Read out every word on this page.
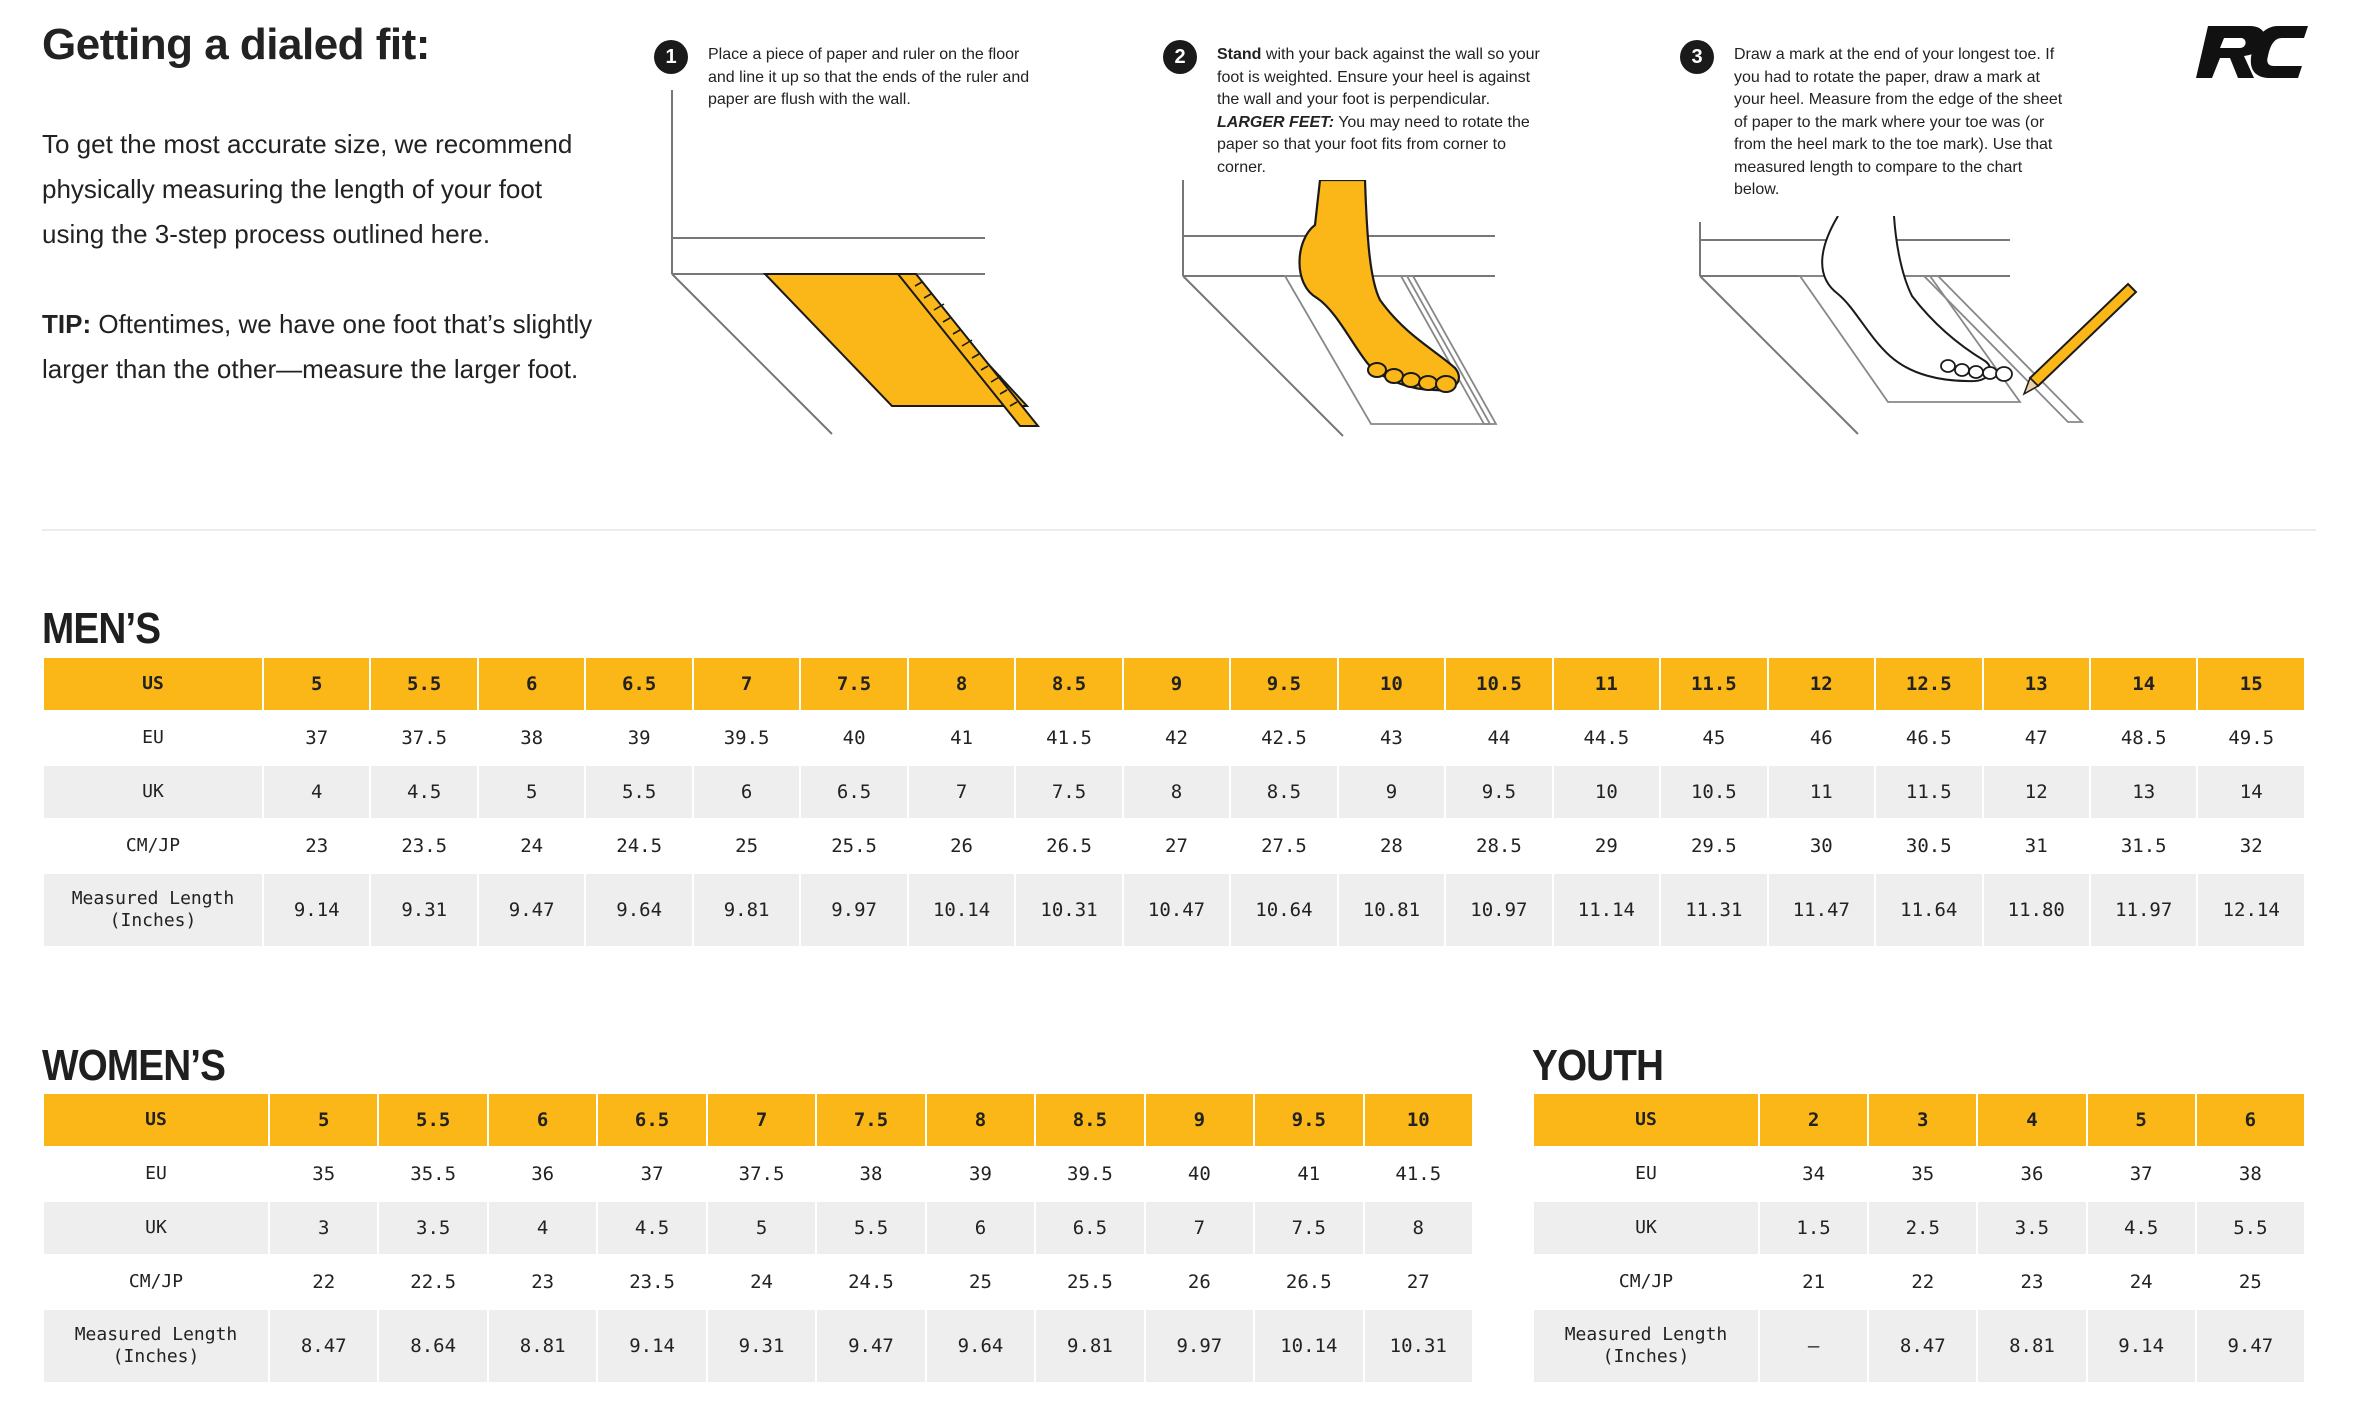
Getting a dialed fit:

To get the most accurate size, we recommend physically measuring the length of your foot using the 3-step process outlined here.

TIP: Oftentimes, we have one foot that’s slightly larger than the other—measure the larger foot.

1	Place a piece of paper and ruler on the floor and line it up so that the ends of the ruler and paper are flush with the wall.
2	Stand with your back against the wall so your foot is weighted. Ensure your heel is against the wall and your foot is perpendicular. LARGER FEET: You may need to rotate the paper so that your foot fits from corner to corner.
3	Draw a mark at the end of your longest toe. If you had to rotate the paper, draw a mark at your heel. Measure from the edge of the sheet of paper to the mark where your toe was (or from the heel mark to the toe mark). Use that measured length to compare to the chart below.
MEN’S
US	5	5.5	6	6.5	7	7.5	8	8.5	9	9.5	10	10.5	11	11.5	12	12.5	13	14	15
EU	37	37.5	38	39	39.5	40	41	41.5	42	42.5	43	44	44.5	45	46	46.5	47	48.5	49.5
UK	4	4.5	5	5.5	6	6.5	7	7.5	8	8.5	9	9.5	10	10.5	11	11.5	12	13	14
CM/JP	23	23.5	24	24.5	25	25.5	26	26.5	27	27.5	28	28.5	29	29.5	30	30.5	31	31.5	32
Measured Length
(Inches)	9.14	9.31	9.47	9.64	9.81	9.97	10.14	10.31	10.47	10.64	10.81	10.97	11.14	11.31	11.47	11.64	11.80	11.97	12.14
WOMEN’S
US	5	5.5	6	6.5	7	7.5	8	8.5	9	9.5	10
EU	35	35.5	36	37	37.5	38	39	39.5	40	41	41.5
UK	3	3.5	4	4.5	5	5.5	6	6.5	7	7.5	8
CM/JP	22	22.5	23	23.5	24	24.5	25	25.5	26	26.5	27
Measured Length
(Inches)	8.47	8.64	8.81	9.14	9.31	9.47	9.64	9.81	9.97	10.14	10.31
YOUTH
US	2	3	4	5	6
EU	34	35	36	37	38
UK	1.5	2.5	3.5	4.5	5.5
CM/JP	21	22	23	24	25
Measured Length
(Inches)	–	8.47	8.81	9.14	9.47
